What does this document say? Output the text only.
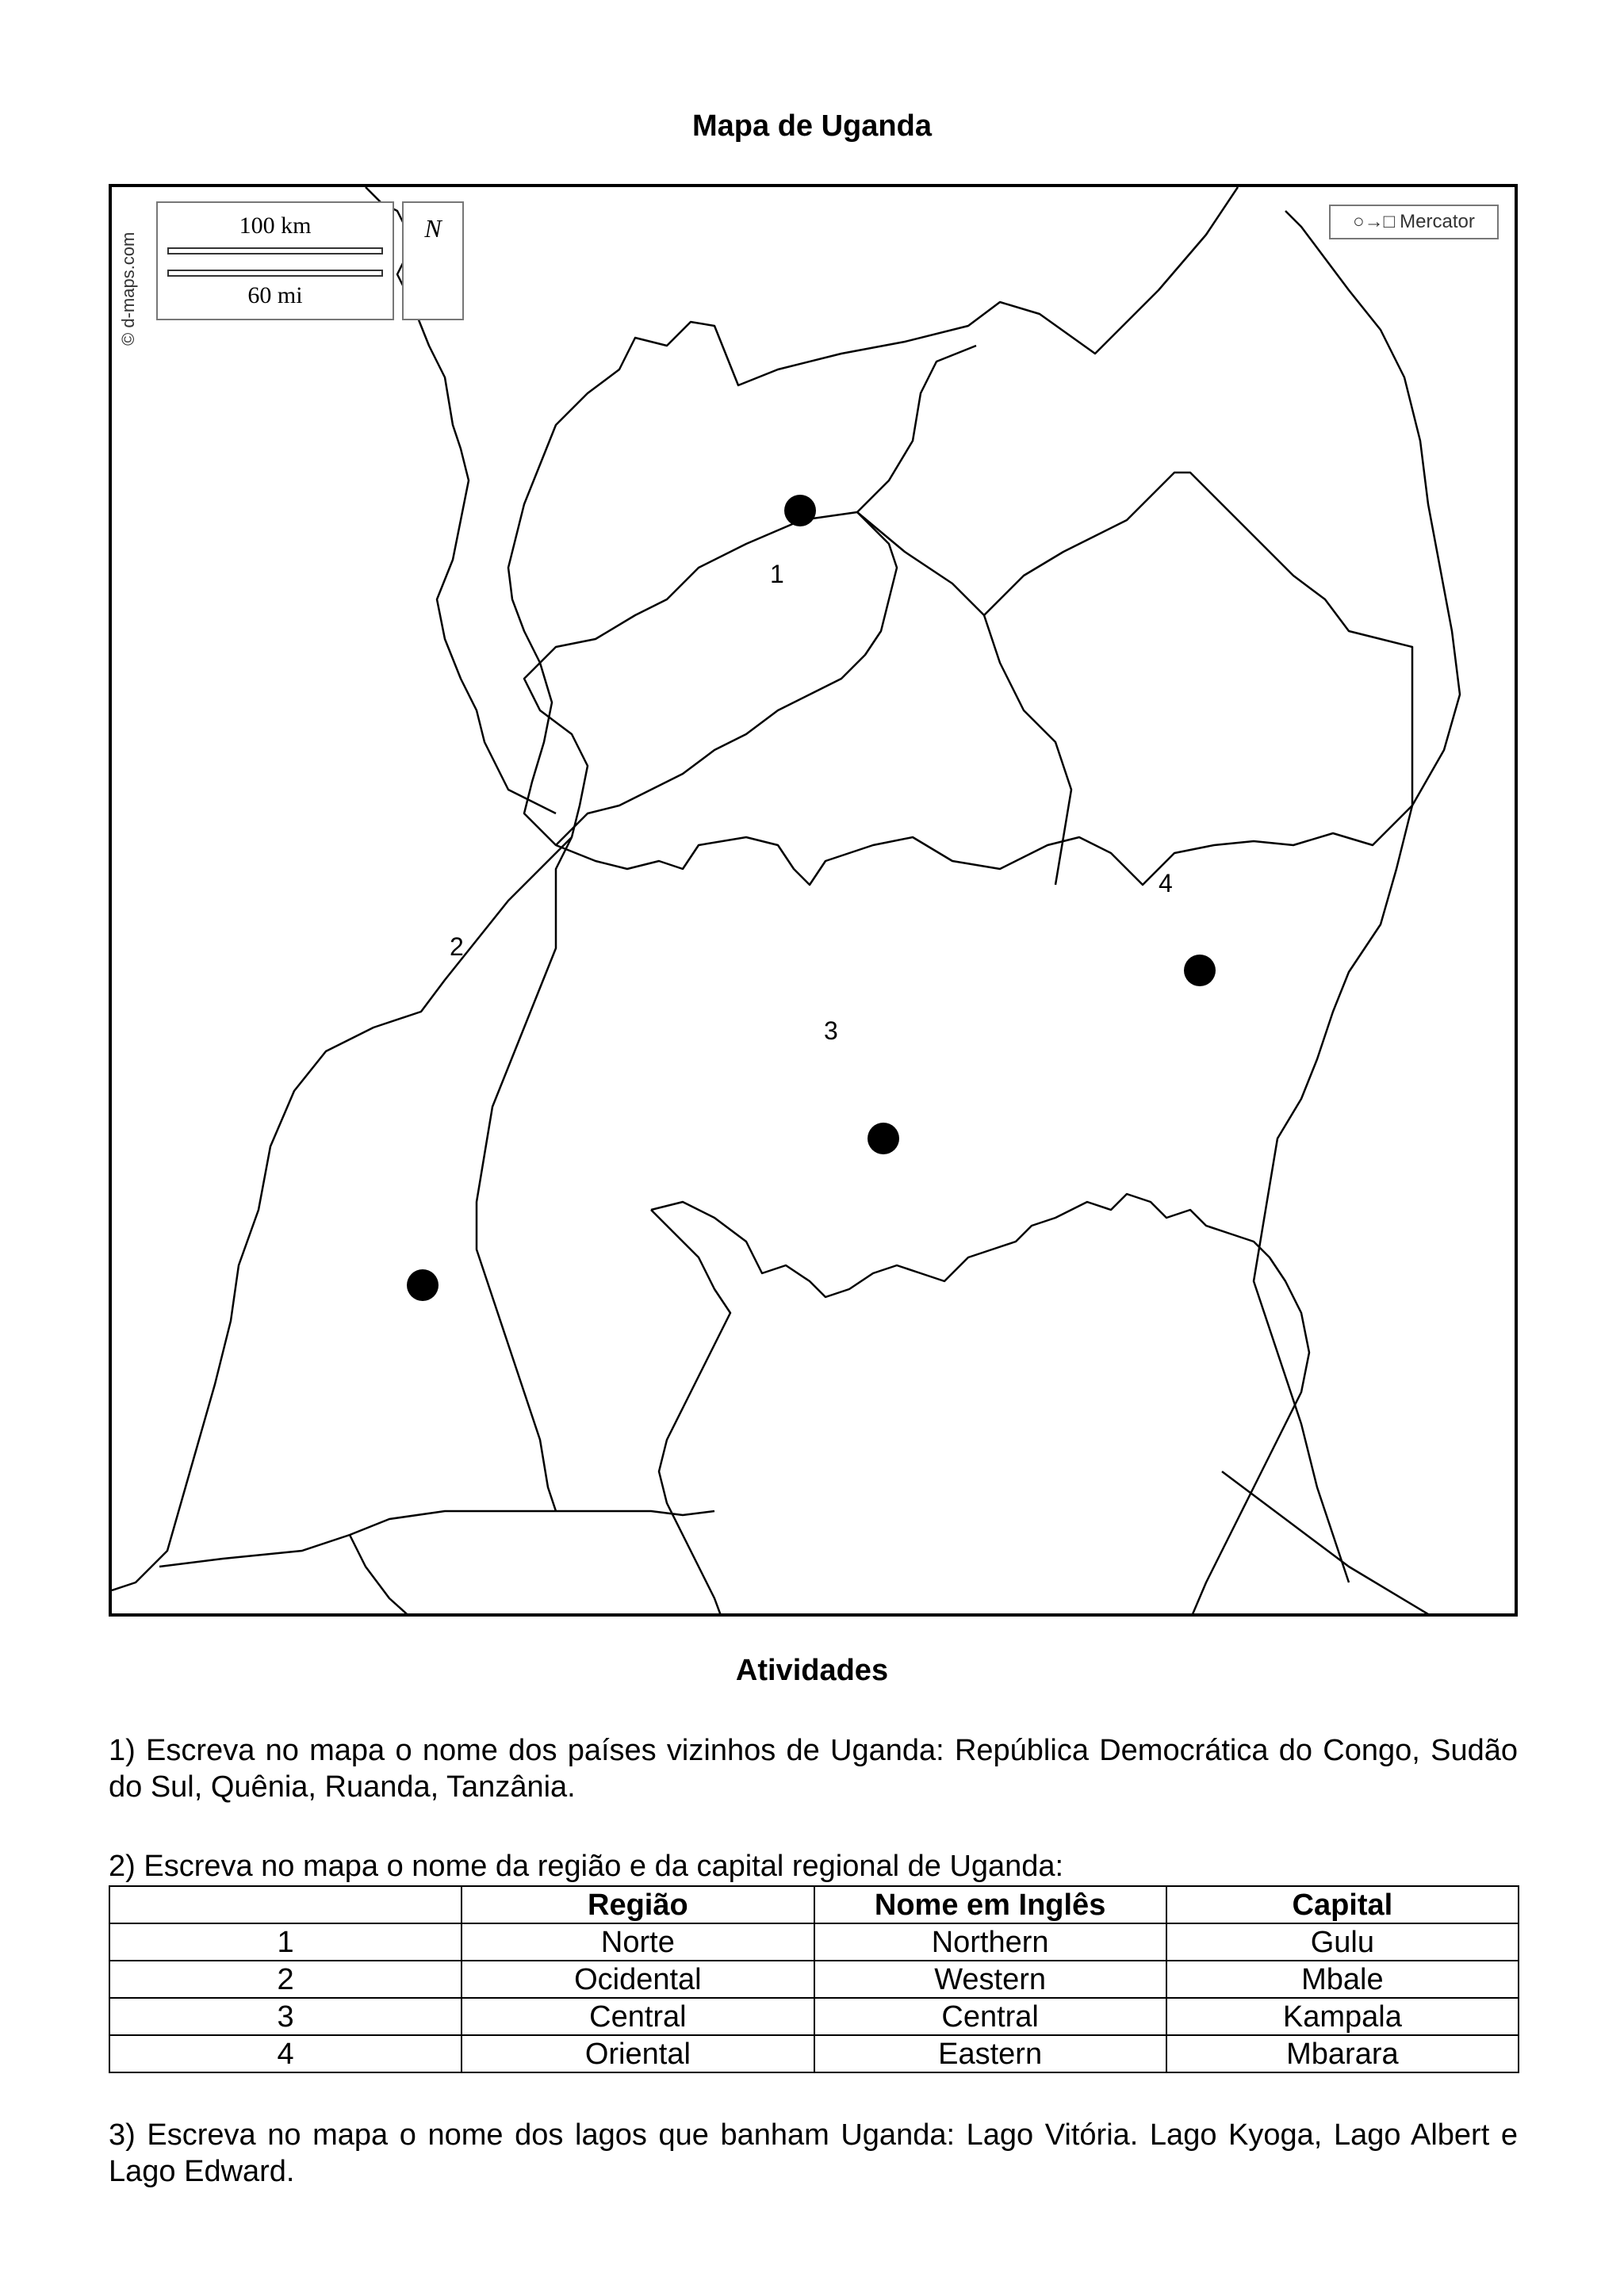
Mapa de Uganda
© d-maps.com
100 km
60 mi
N	○→□ Mercator
1
2
3
4
Atividades
1) Escreva no mapa o nome dos países vizinhos de Uganda: República Democrática do Congo, Sudão do Sul, Quênia, Ruanda, Tanzânia.
2) Escreva no mapa o nome da região e da capital regional de Uganda:
	Região	Nome em Inglês	Capital
1	Norte	Northern	Gulu
2	Ocidental	Western	Mbale
3	Central	Central	Kampala
4	Oriental	Eastern	Mbarara
3) Escreva no mapa o nome dos lagos que banham Uganda: Lago Vitória. Lago Kyoga, Lago Albert e Lago Edward.
